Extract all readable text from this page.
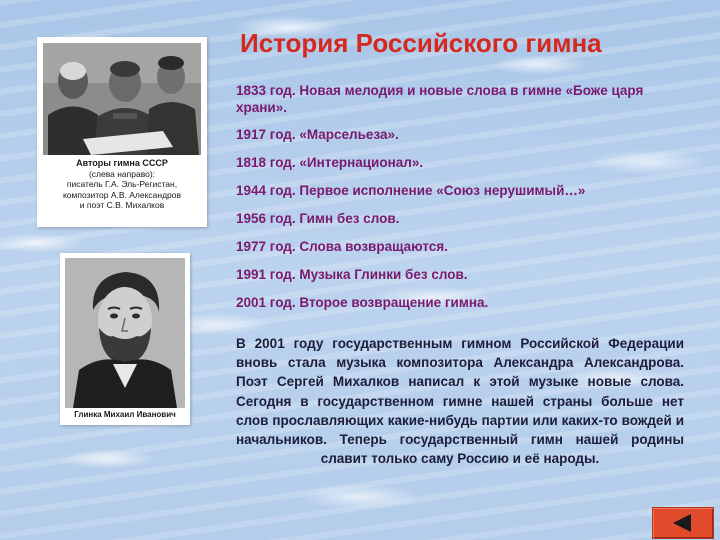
История Российского гимна
1833 год. Новая мелодия и новые слова в гимне «Боже царя храни».
1917 год. «Марсельеза».
1818 год. «Интернационал».
1944 год. Первое исполнение «Союз нерушимый…»
1956 год. Гимн без слов.
1977 год. Слова возвращаются.
1991 год. Музыка Глинки без слов.
2001 год. Второе возвращение гимна.

В 2001 году государственным гимном Российской Федерации вновь стала музыка композитора Александра Александрова. Поэт Сергей Михалков написал к этой музыке новые слова. Сегодня в государственном гимне нашей страны больше нет слов прославляющих какие-нибудь партии или каких-то вождей и начальников. Теперь государственный гимн нашей родины славит только саму Россию и её народы.

Авторы гимна СССР
(слева направо):
писатель Г.А. Эль-Регистан,
композитор А.В. Александров
и поэт С.В. Михалков
Глинка Михаил Иванович
